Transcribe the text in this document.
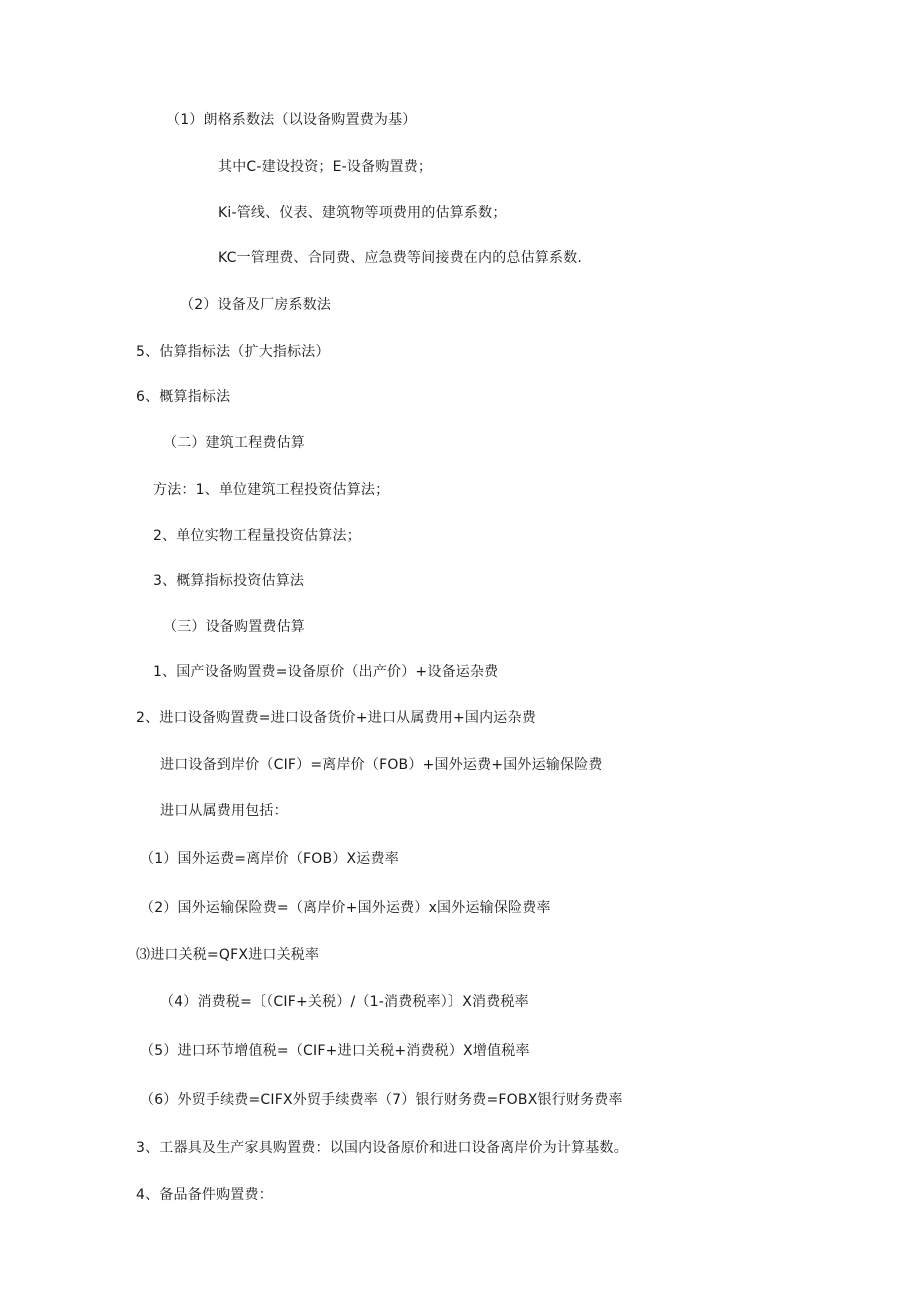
（1）朗格系数法（以设备购置费为基）
其中C-建设投资；E-设备购置费；
Ki-管线、仪表、建筑物等项费用的估算系数；
KC一管理费、合同费、应急费等间接费在内的总估算系数.
（2）设备及厂房系数法
5、估算指标法（扩大指标法）
6、概算指标法
（二）建筑工程费估算
方法：1、单位建筑工程投资估算法；
2、单位实物工程量投资估算法；
3、概算指标投资估算法
（三）设备购置费估算
1、国产设备购置费=设备原价（出产价）+设备运杂费
2、进口设备购置费=进口设备货价+进口从属费用+国内运杂费
进口设备到岸价（CIF）=离岸价（FOB）+国外运费+国外运输保险费
进口从属费用包括：
（1）国外运费=离岸价（FOB）X运费率
（2）国外运输保险费=（离岸价+国外运费）x国外运输保险费率
⑶进口关税=QFX进口关税率
（4）消费税=〔（CIF+关税）/（1-消费税率）〕X消费税率
（5）进口环节增值税=（CIF+进口关税+消费税）X增值税率
（6）外贸手续费=CIFX外贸手续费率（7）银行财务费=FOBX银行财务费率
3、工器具及生产家具购置费：以国内设备原价和进口设备离岸价为计算基数。
4、备品备件购置费：
